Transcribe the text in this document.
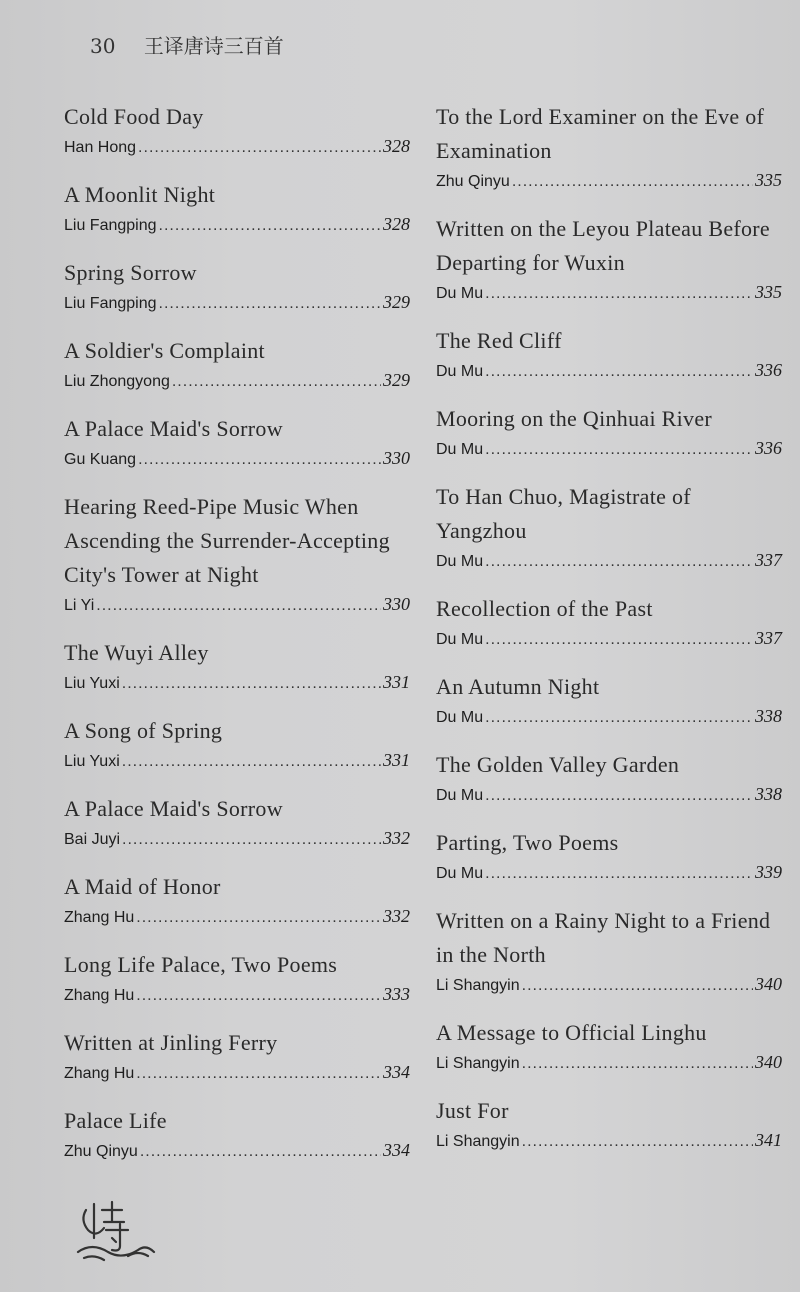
30 王译唐诗三百首
Cold Food Day
Han Hong .....	328
A Moonlit Night
Liu Fangping .....	328
Spring Sorrow
Liu Fangping .....	329
A Soldier's Complaint
Liu Zhongyong .....	329
A Palace Maid's Sorrow
Gu Kuang .....	330
Hearing Reed-Pipe Music When Ascending the Surrender-Accepting City's Tower at Night
Li Yi .....	330
The Wuyi Alley
Liu Yuxi .....	331
A Song of Spring
Liu Yuxi .....	331
A Palace Maid's Sorrow
Bai Juyi .....	332
A Maid of Honor
Zhang Hu .....	332
Long Life Palace, Two Poems
Zhang Hu .....	333
Written at Jinling Ferry
Zhang Hu .....	334
Palace Life
Zhu Qinyu .....	334
To the Lord Examiner on the Eve of Examination
Zhu Qinyu .....	335
Written on the Leyou Plateau Before Departing for Wuxin
Du Mu .....	335
The Red Cliff
Du Mu .....	336
Mooring on the Qinhuai River
Du Mu .....	336
To Han Chuo, Magistrate of Yangzhou
Du Mu .....	337
Recollection of the Past
Du Mu .....	337
An Autumn Night
Du Mu .....	338
The Golden Valley Garden
Du Mu .....	338
Parting, Two Poems
Du Mu .....	339
Written on a Rainy Night to a Friend in the North
Li Shangyin .....	340
A Message to Official Linghu
Li Shangyin .....	340
Just For
Li Shangyin .....	341
